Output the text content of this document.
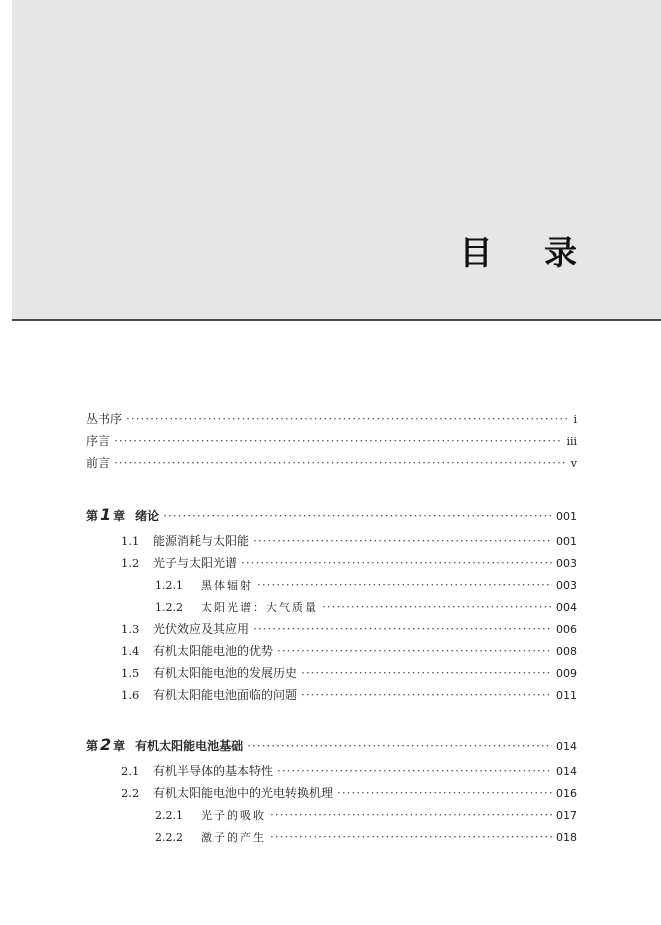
目 录
丛书序 ·····	i
序言 ·····	iii
前言 ·····	v
第 1 章 绪论 ·····	001
1.1 能源消耗与太阳能 ·····	001
1.2 光子与太阳光谱 ·····	003
1.2.1 黑体辐射 ·····	003
1.2.2 太阳光谱：大气质量 ·····	004
1.3 光伏效应及其应用 ·····	006
1.4 有机太阳能电池的优势 ·····	008
1.5 有机太阳能电池的发展历史 ·····	009
1.6 有机太阳能电池面临的问题 ·····	011
第 2 章 有机太阳能电池基础 ·····	014
2.1 有机半导体的基本特性 ·····	014
2.2 有机太阳能电池中的光电转换机理 ·····	016
2.2.1 光子的吸收 ·····	017
2.2.2 激子的产生 ·····	018
